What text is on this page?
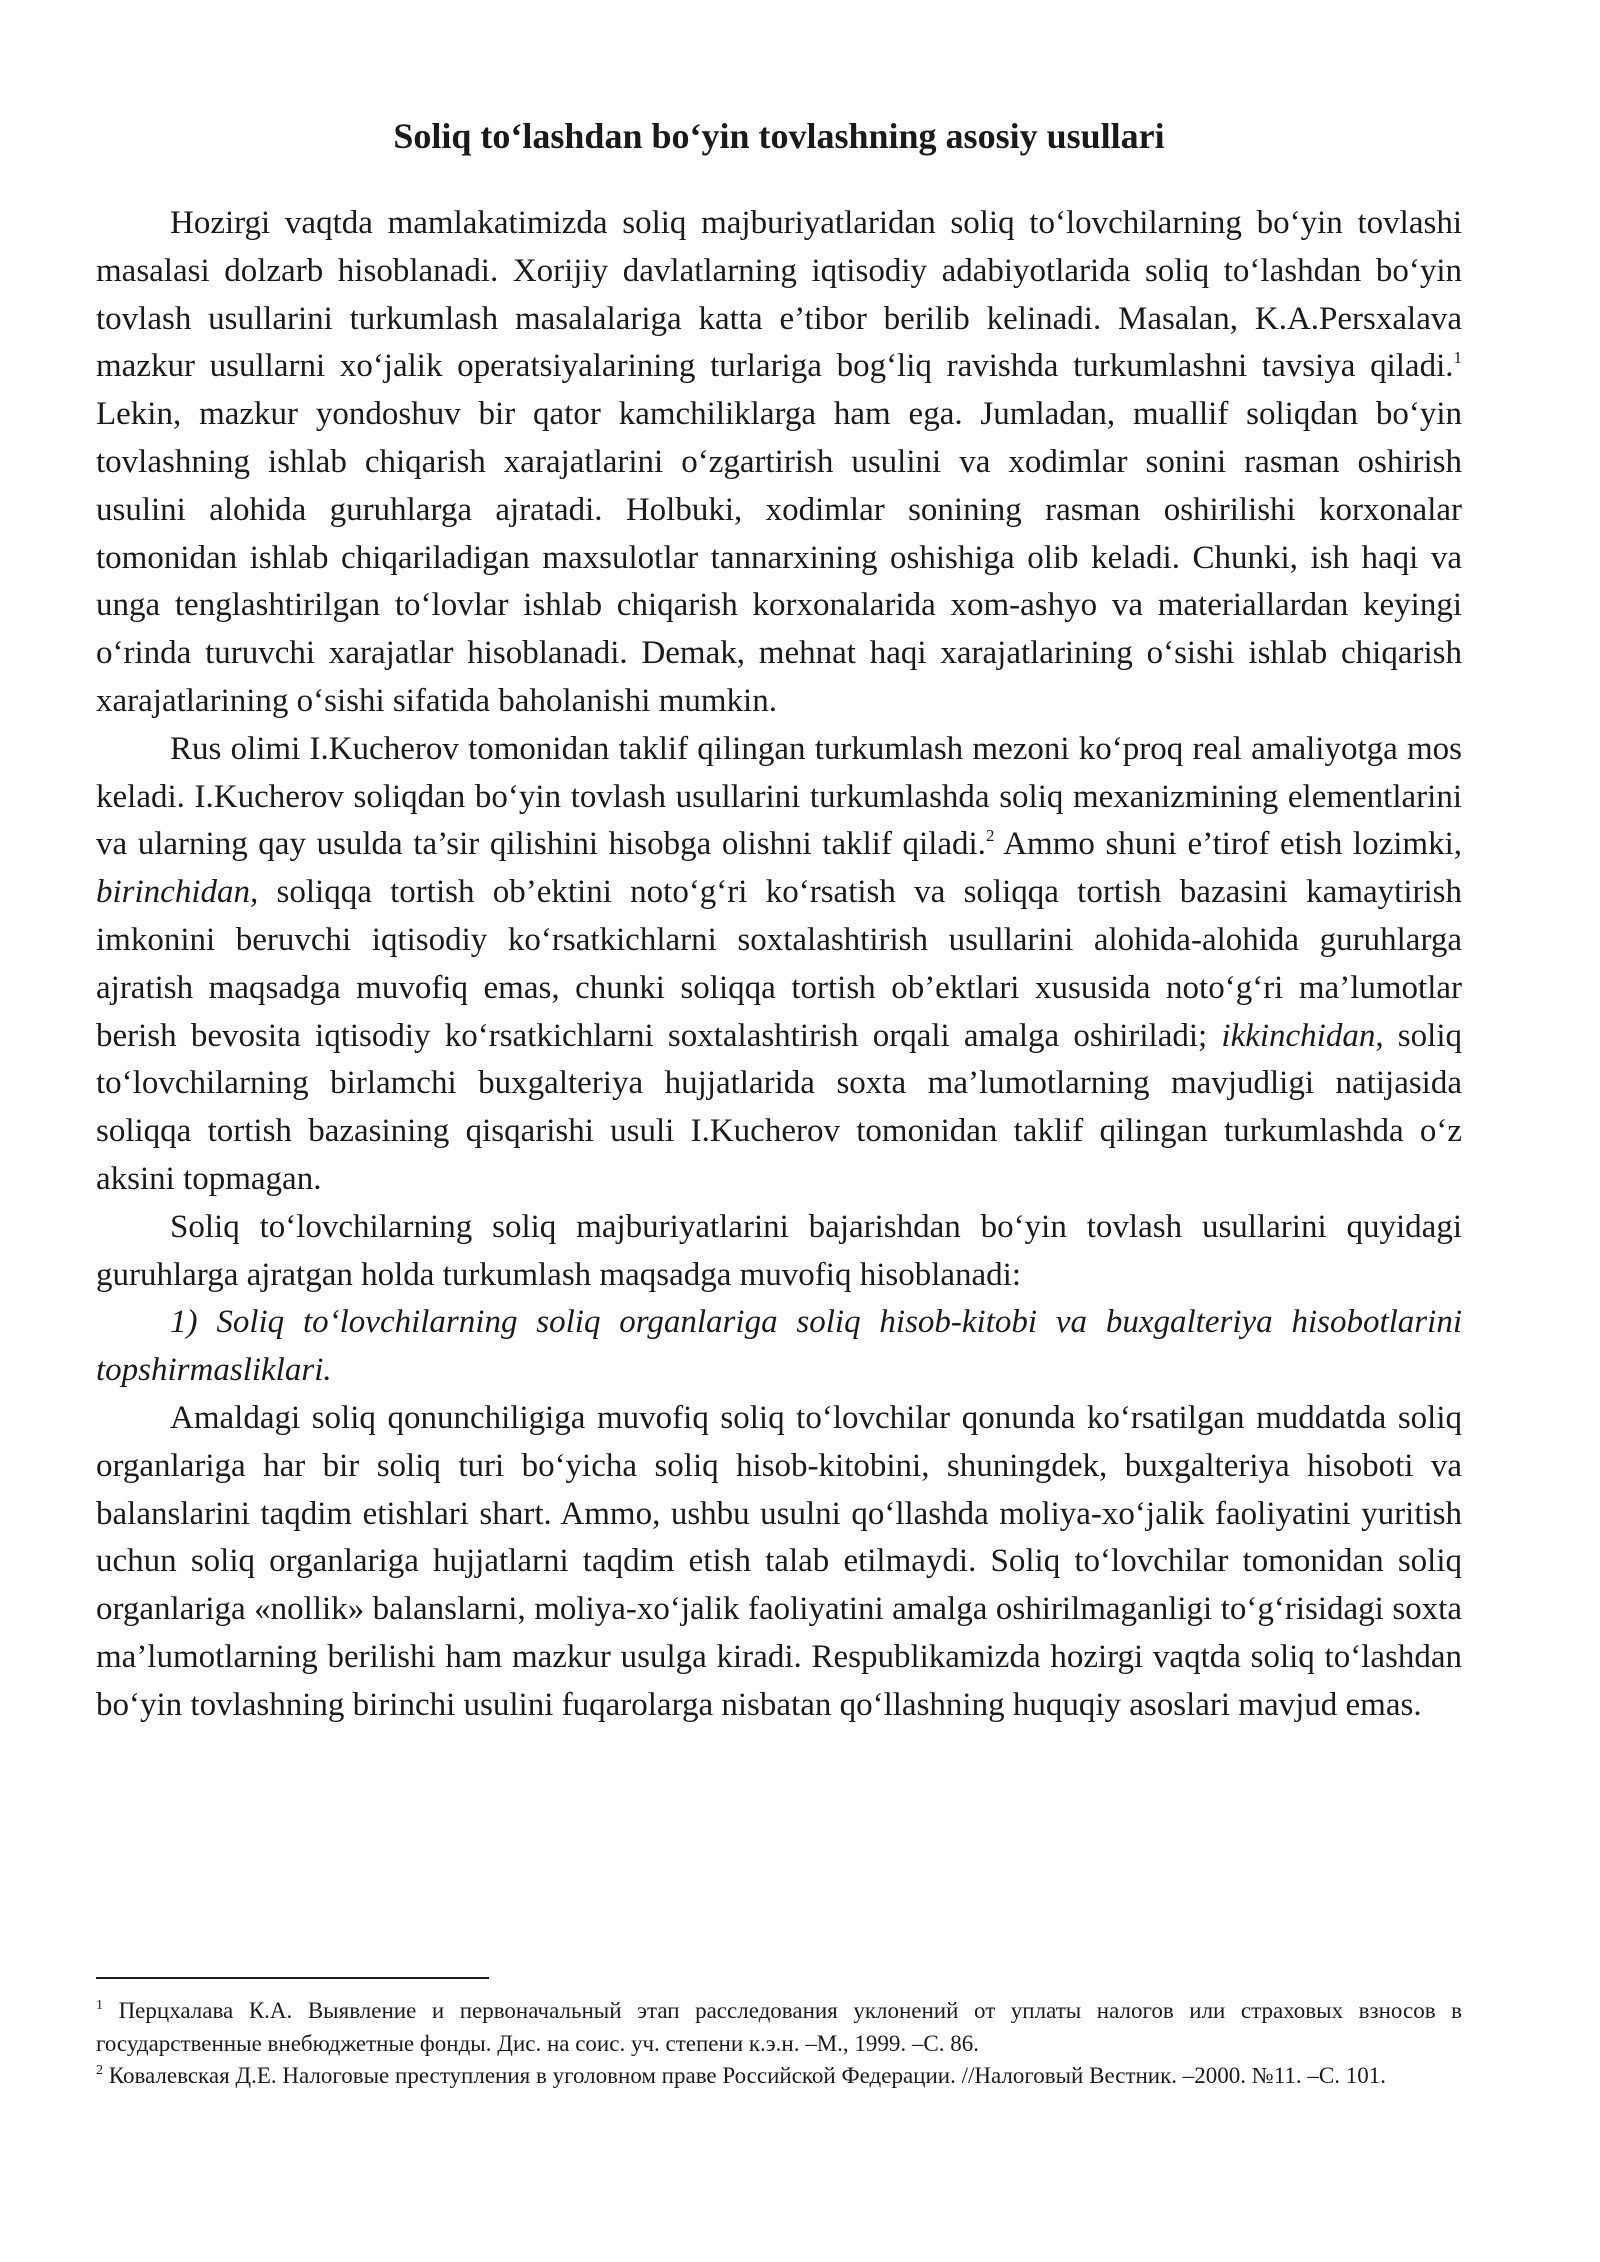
Soliq to‘lashdan bo‘yin tovlashning asosiy usullari

Hozirgi vaqtda mamlakatimizda soliq majburiyatlaridan soliq to‘lovchilarning bo‘yin tovlashi masalasi dolzarb hisoblanadi. Xorijiy davlatlarning iqtisodiy adabiyotlarida soliq to‘lashdan bo‘yin tovlash usullarini turkumlash masalalariga katta e’tibor berilib kelinadi. Masalan, K.A.Persxalava mazkur usullarni xo‘jalik operatsiyalarining turlariga bog‘liq ravishda turkumlashni tavsiya qiladi.$^1$ Lekin, mazkur yondoshuv bir qator kamchiliklarga ham ega. Jumladan, muallif soliqdan bo‘yin tovlashning ishlab chiqarish xarajatlarini o‘zgartirish usulini va xodimlar sonini rasman oshirish usulini alohida guruhlarga ajratadi. Holbuki, xodimlar sonining rasman oshirilishi korxonalar tomonidan ishlab chiqariladigan maxsulotlar tannarxining oshishiga olib keladi. Chunki, ish haqi va unga tenglashtirilgan to‘lovlar ishlab chiqarish korxonalarida xom-ashyo va materiallardan keyingi o‘rinda turuvchi xarajatlar hisoblanadi. Demak, mehnat haqi xarajatlarining o‘sishi ishlab chiqarish xarajatlarining o‘sishi sifatida baholanishi mumkin.

Rus olimi I.Kucherov tomonidan taklif qilingan turkumlash mezoni ko‘proq real amaliyotga mos keladi. I.Kucherov soliqdan bo‘yin tovlash usullarini turkumlashda soliq mexanizmining elementlarini va ularning qay usulda ta’sir qilishini hisobga olishni taklif qiladi.$^2$ Ammo shuni e’tirof etish lozimki, birinchidan, soliqqa tortish ob’ektini noto‘g‘ri ko‘rsatish va soliqqa tortish bazasini kamaytirish imkonini beruvchi iqtisodiy ko‘rsatkichlarni soxtalashtirish usullarini alohida-alohida guruhlarga ajratish maqsadga muvofiq emas, chunki soliqqa tortish ob’ektlari xususida noto‘g‘ri ma’lumotlar berish bevosita iqtisodiy ko‘rsatkichlarni soxtalashtirish orqali amalga oshiriladi; ikkinchidan, soliq to‘lovchilarning birlamchi buxgalteriya hujjatlarida soxta ma’lumotlarning mavjudligi natijasida soliqqa tortish bazasining qisqarishi usuli I.Kucherov tomonidan taklif qilingan turkumlashda o‘z aksini topmagan.

Soliq to‘lovchilarning soliq majburiyatlarini bajarishdan bo‘yin tovlash usullarini quyidagi guruhlarga ajratgan holda turkumlash maqsadga muvofiq hisoblanadi:

1) Soliq to‘lovchilarning soliq organlariga soliq hisob-kitobi va buxgalteriya hisobotlarini topshirmasliklari.

Amaldagi soliq qonunchiligiga muvofiq soliq to‘lovchilar qonunda ko‘rsatilgan muddatda soliq organlariga har bir soliq turi bo‘yicha soliq hisob-kitobini, shuningdek, buxgalteriya hisoboti va balanslarini taqdim etishlari shart. Ammo, ushbu usulni qo‘llashda moliya-xo‘jalik faoliyatini yuritish uchun soliq organlariga hujjatlarni taqdim etish talab etilmaydi. Soliq to‘lovchilar tomonidan soliq organlariga «nollik» balanslarni, moliya-xo‘jalik faoliyatini amalga oshirilmaganligi to‘g‘risidagi soxta ma’lumotlarning berilishi ham mazkur usulga kiradi. Respublikamizda hozirgi vaqtda soliq to‘lashdan bo‘yin tovlashning birinchi usulini fuqarolarga nisbatan qo‘llashning huquqiy asoslari mavjud emas.

$^1$ Перцхалава К.А. Выявление и первоначальный этап расследования уклонений от уплаты налогов или страховых взносов в государственные внебюджетные фонды. Дис. на соис. уч. степени к.э.н. –М., 1999. –С. 86.

$^2$ Ковалевская Д.Е. Налоговые преступления в уголовном праве Российской Федерации. //Налоговый Вестник. –2000. №11. –С. 101.
